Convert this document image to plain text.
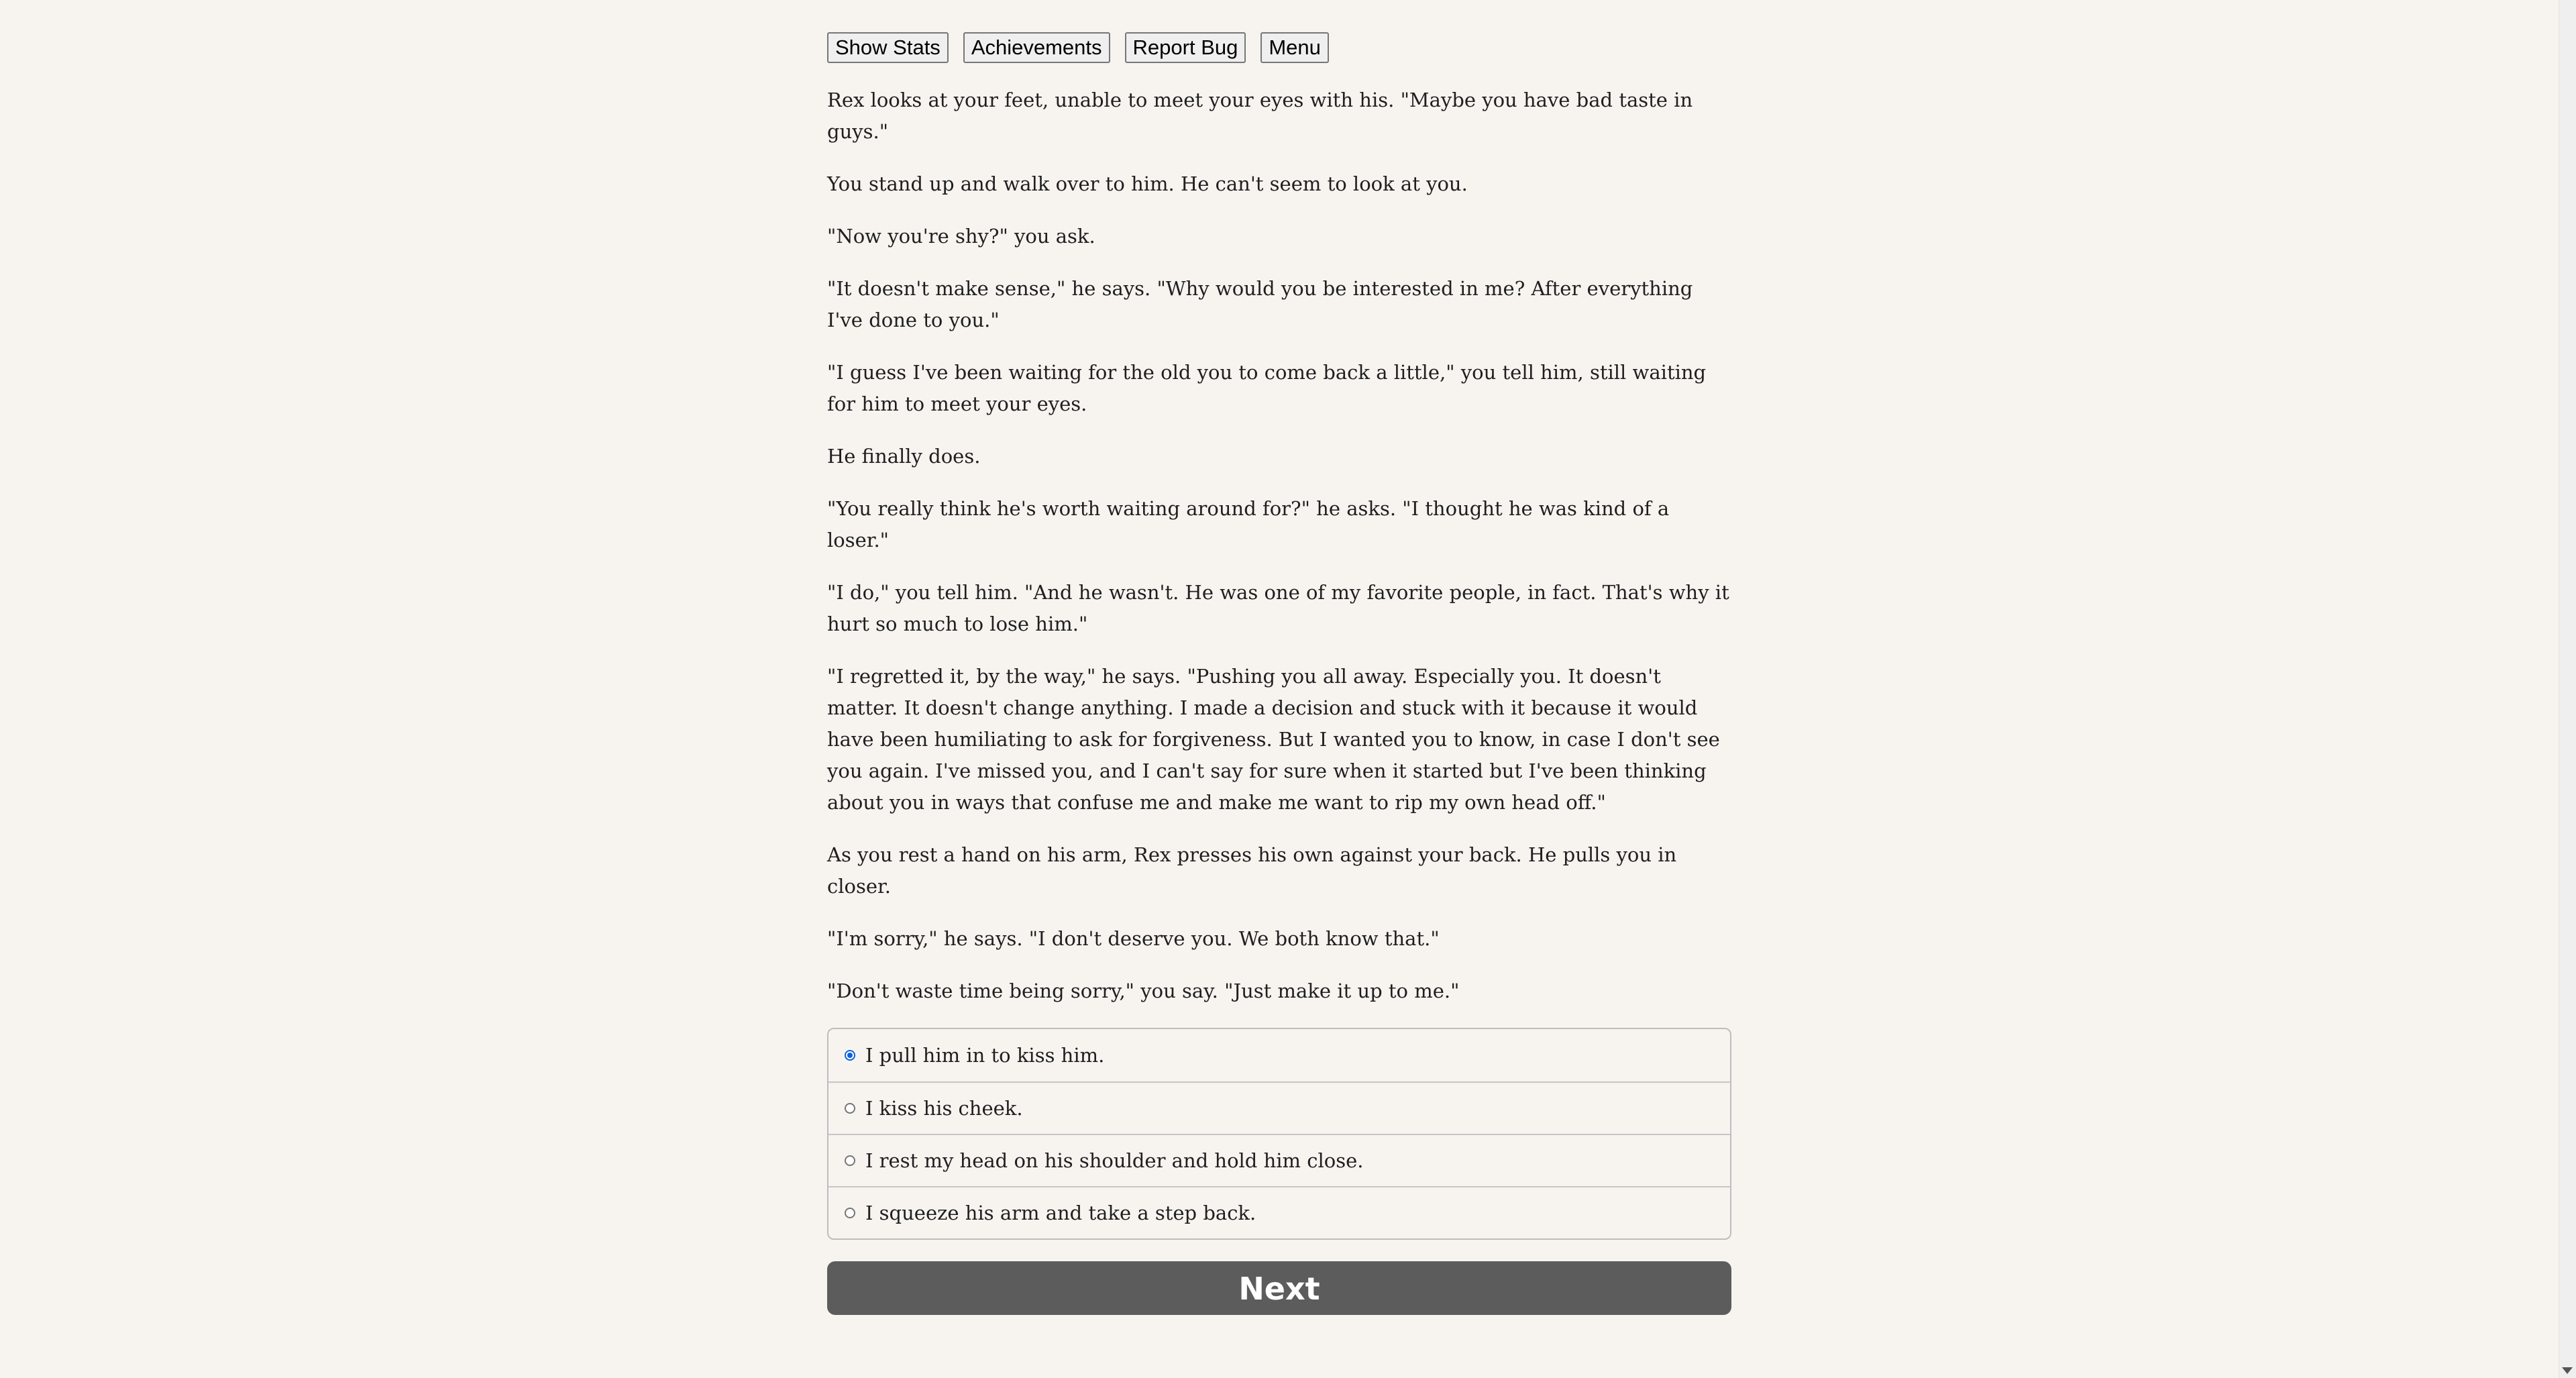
Show Stats	Achievements	Report Bug	Menu

Rex looks at your feet, unable to meet your eyes with his. "Maybe you have bad taste in guys."

You stand up and walk over to him. He can't seem to look at you.

"Now you're shy?" you ask.

"It doesn't make sense," he says. "Why would you be interested in me? After everything I've done to you."

"I guess I've been waiting for the old you to come back a little," you tell him, still waiting for him to meet your eyes.

He finally does.

"You really think he's worth waiting around for?" he asks. "I thought he was kind of a loser."

"I do," you tell him. "And he wasn't. He was one of my favorite people, in fact. That's why it hurt so much to lose him."

"I regretted it, by the way," he says. "Pushing you all away. Especially you. It doesn't matter. It doesn't change anything. I made a decision and stuck with it because it would have been humiliating to ask for forgiveness. But I wanted you to know, in case I don't see you again. I've missed you, and I can't say for sure when it started but I've been thinking about you in ways that confuse me and make me want to rip my own head off."

As you rest a hand on his arm, Rex presses his own against your back. He pulls you in closer.

"I'm sorry," he says. "I don't deserve you. We both know that."

"Don't waste time being sorry," you say. "Just make it up to me."

I pull him in to kiss him.
I kiss his cheek.
I rest my head on his shoulder and hold him close.
I squeeze his arm and take a step back.
Next
